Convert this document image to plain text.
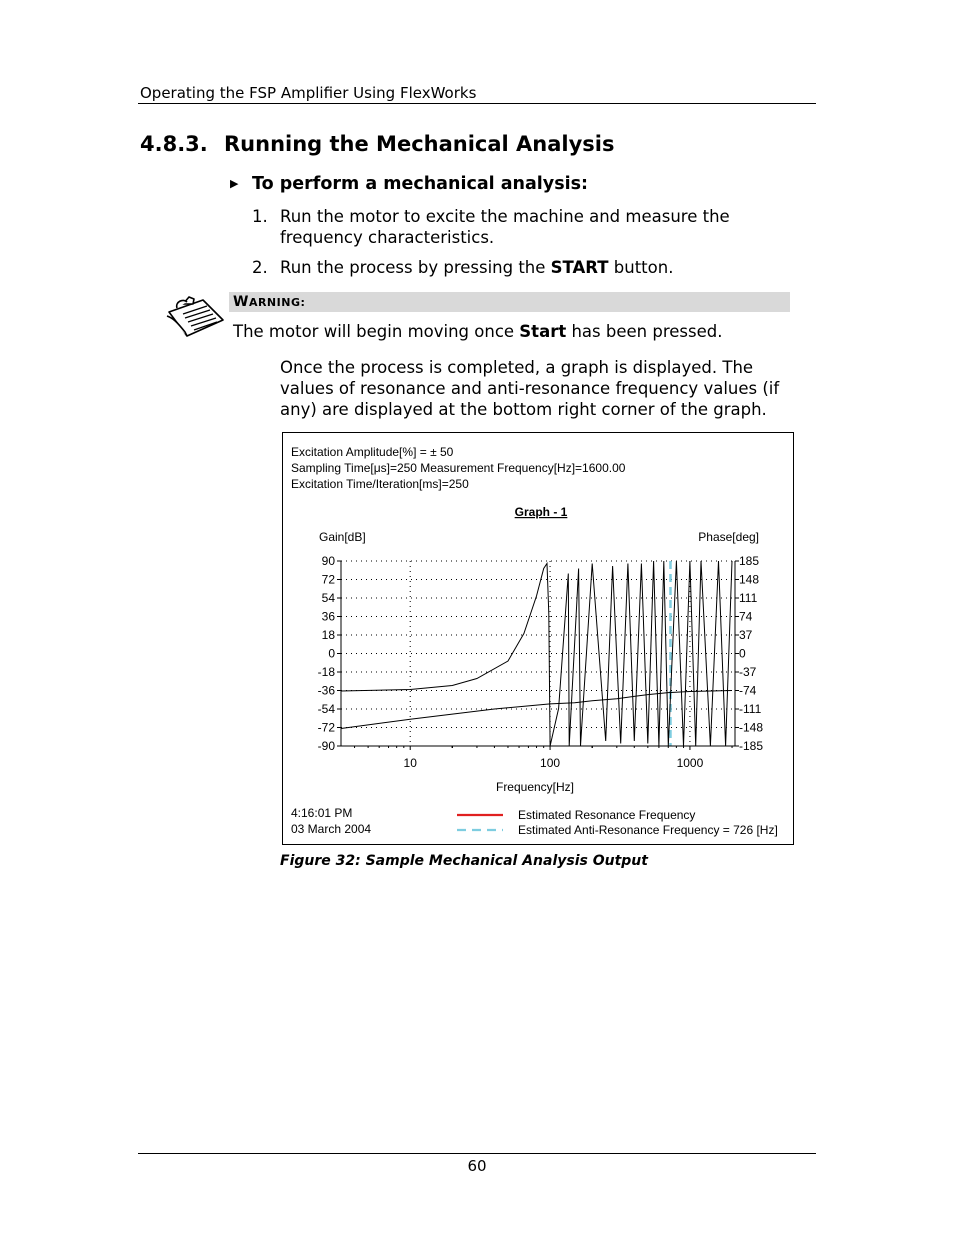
Operating the FSP Amplifier Using FlexWorks
4.8.3. Running the Mechanical Analysis
▶ To perform a mechanical analysis:
1. Run the motor to excite the machine and measure the frequency characteristics.
2. Run the process by pressing the START button.
WARNING:
The motor will begin moving once Start has been pressed.
Once the process is completed, a graph is displayed. The values of resonance and anti-resonance frequency values (if any) are displayed at the bottom right corner of the graph.
Excitation Amplitude[%] = ± 50
Sampling Time[μs]=250 Measurement Frequency[Hz]=1600.00
Excitation Time/Iteration[ms]=250
Graph - 1
Gain[dB]	Phase[deg]
90
72
54
36
18
0
-18
-36
-54
-72
-90
185
148
111
74
37
0
-37
-74
-111
-148
-185
10	100	1000
Frequency[Hz]
4:16:01 PM
03 March 2004
Estimated Resonance Frequency
Estimated Anti-Resonance Frequency = 726 [Hz]
Figure 32: Sample Mechanical Analysis Output
60
